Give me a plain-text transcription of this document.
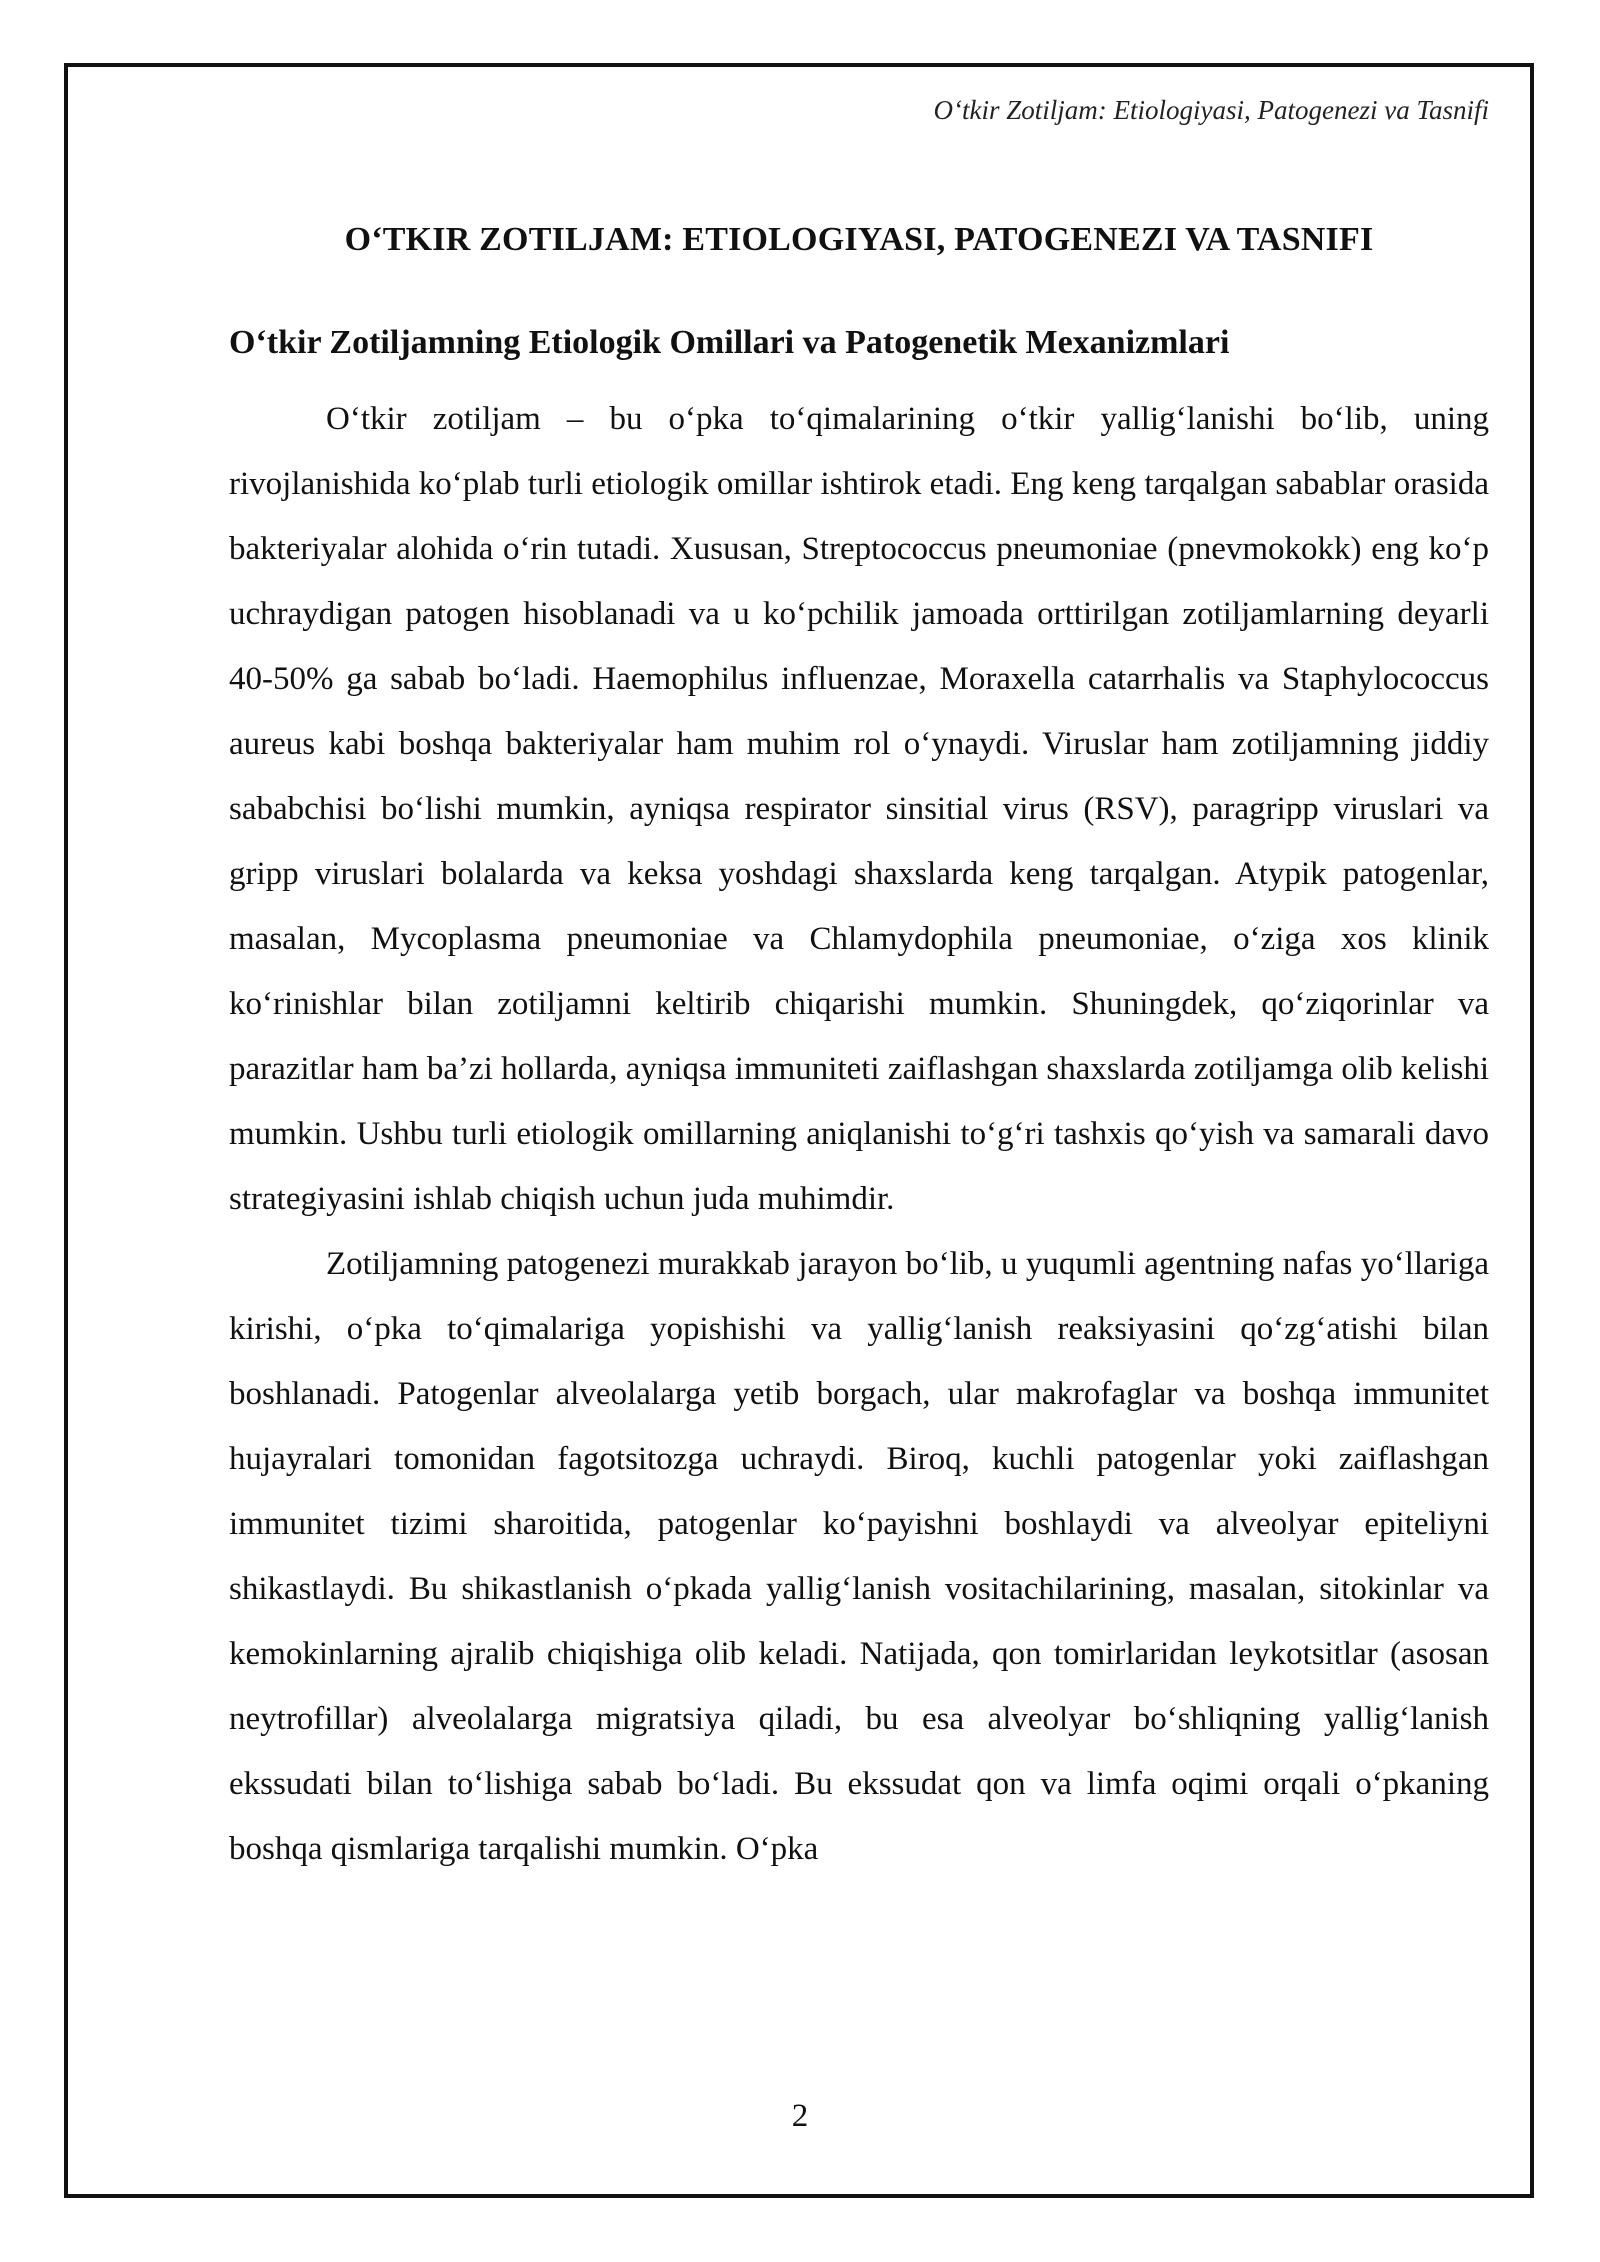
O‘tkir Zotiljam: Etiologiyasi, Patogenezi va Tasnifi
O‘TKIR ZOTILJAM: ETIOLOGIYASI, PATOGENEZI VA TASNIFI
O‘tkir Zotiljamning Etiologik Omillari va Patogenetik Mexanizmlari

O‘tkir zotiljam – bu o‘pka to‘qimalarining o‘tkir yallig‘lanishi bo‘lib, uning rivojlanishida ko‘plab turli etiologik omillar ishtirok etadi. Eng keng tarqalgan sabablar orasida bakteriyalar alohida o‘rin tutadi. Xususan, Streptococcus pneumoniae (pnevmokokk) eng ko‘p uchraydigan patogen hisoblanadi va u ko‘pchilik jamoada orttirilgan zotiljamlarning deyarli 40-50% ga sabab bo‘ladi. Haemophilus influenzae, Moraxella catarrhalis va Staphylococcus aureus kabi boshqa bakteriyalar ham muhim rol o‘ynaydi. Viruslar ham zotiljamning jiddiy sababchisi bo‘lishi mumkin, ayniqsa respirator sinsitial virus (RSV), paragripp viruslari va gripp viruslari bolalarda va keksa yoshdagi shaxslarda keng tarqalgan. Atypik patogenlar, masalan, Mycoplasma pneumoniae va Chlamydophila pneumoniae, o‘ziga xos klinik ko‘rinishlar bilan zotiljamni keltirib chiqarishi mumkin. Shuningdek, qo‘ziqorinlar va parazitlar ham ba’zi hollarda, ayniqsa immuniteti zaiflashgan shaxslarda zotiljamga olib kelishi mumkin. Ushbu turli etiologik omillarning aniqlanishi to‘g‘ri tashxis qo‘yish va samarali davo strategiyasini ishlab chiqish uchun juda muhimdir.

Zotiljamning patogenezi murakkab jarayon bo‘lib, u yuqumli agentning nafas yo‘llariga kirishi, o‘pka to‘qimalariga yopishishi va yallig‘lanish reaksiyasini qo‘zg‘atishi bilan boshlanadi. Patogenlar alveolalarga yetib borgach, ular makrofaglar va boshqa immunitet hujayralari tomonidan fagotsitozga uchraydi. Biroq, kuchli patogenlar yoki zaiflashgan immunitet tizimi sharoitida, patogenlar ko‘payishni boshlaydi va alveolyar epiteliyni shikastlaydi. Bu shikastlanish o‘pkada yallig‘lanish vositachilarining, masalan, sitokinlar va kemokinlarning ajralib chiqishiga olib keladi. Natijada, qon tomirlaridan leykotsitlar (asosan neytrofillar) alveolalarga migratsiya qiladi, bu esa alveolyar bo‘shliqning yallig‘lanish ekssudati bilan to‘lishiga sabab bo‘ladi. Bu ekssudat qon va limfa oqimi orqali o‘pkaning boshqa qismlariga tarqalishi mumkin. O‘pka

2
